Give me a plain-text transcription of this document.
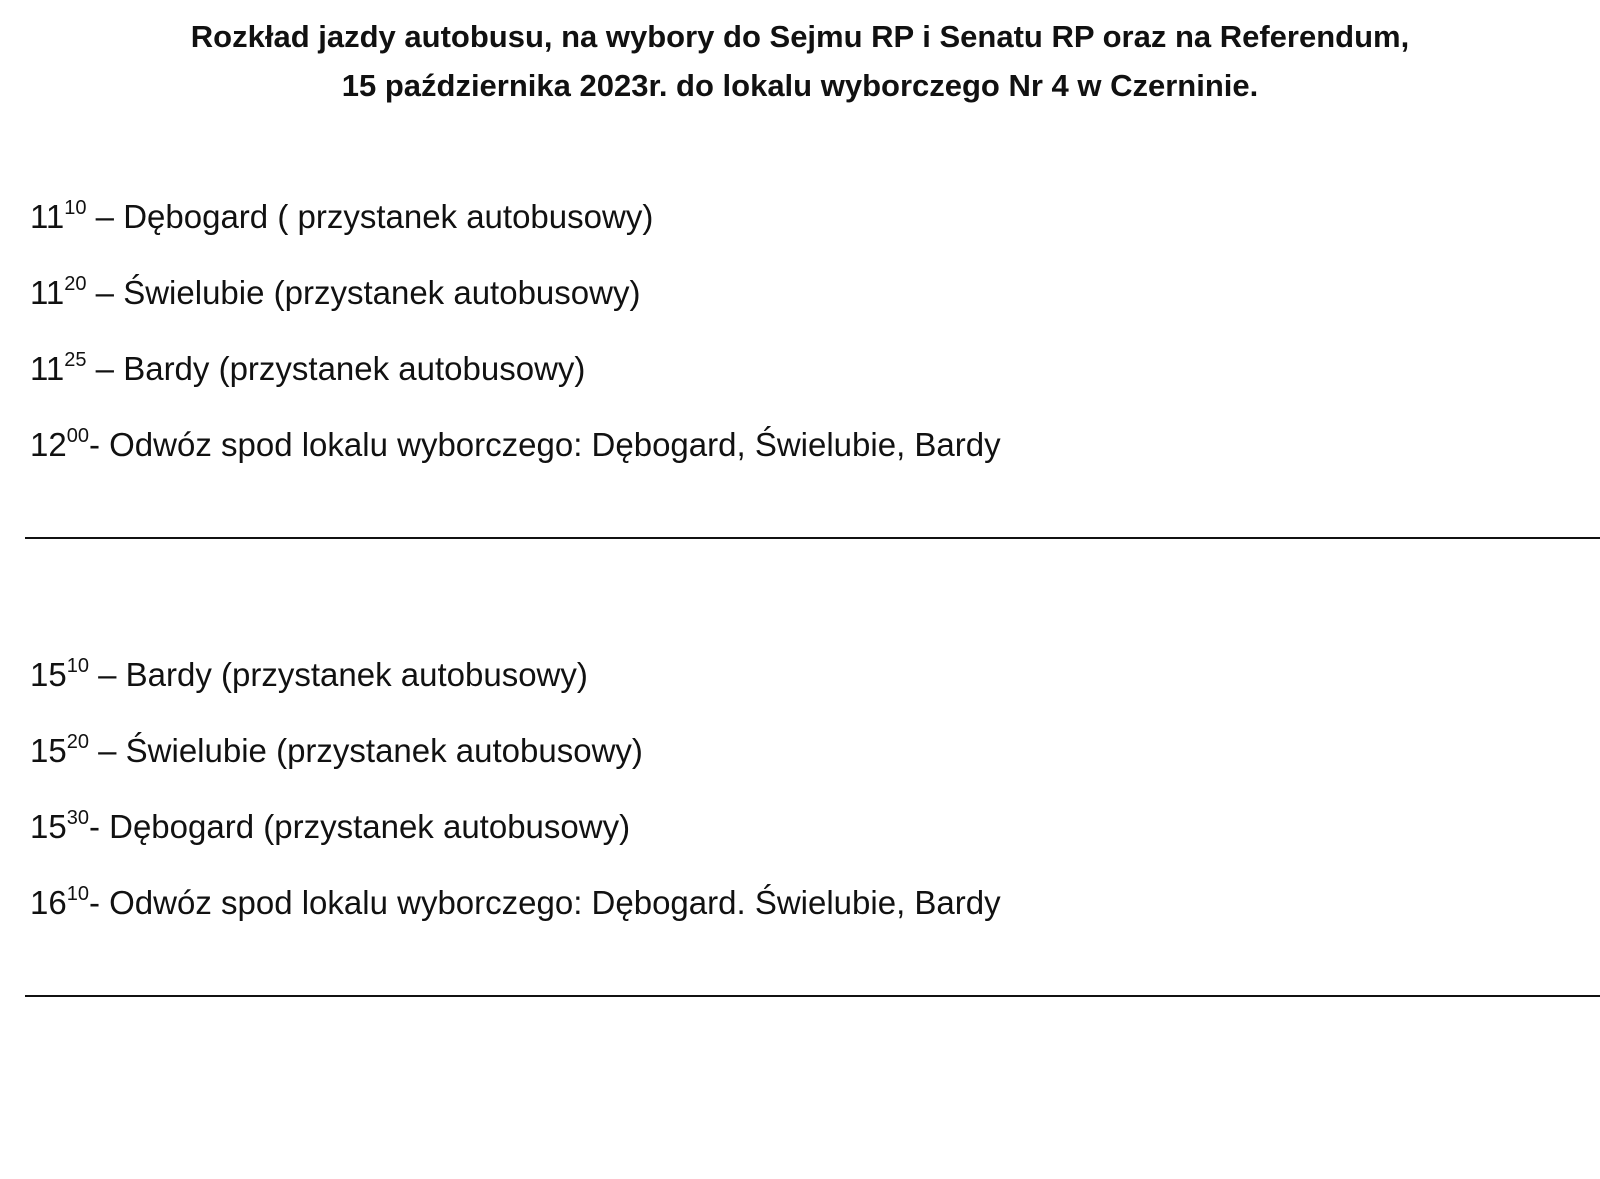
Rozkład jazdy autobusu, na wybory do Sejmu RP i Senatu RP oraz na Referendum,
15 października 2023r. do lokalu wyborczego Nr 4 w Czerninie.
$11^{10}$ – Dębogard ( przystanek autobusowy)
$11^{20}$ – Świelubie (przystanek autobusowy)
$11^{25}$ – Bardy (przystanek autobusowy)
$12^{00}-$ Odwóz spod lokalu wyborczego: Dębogard, Świelubie, Bardy
$15^{10}$ – Bardy (przystanek autobusowy)
$15^{20}$ – Świelubie (przystanek autobusowy)
$15^{30}-$ Dębogard (przystanek autobusowy)
$16^{10}-$ Odwóz spod lokalu wyborczego: Dębogard. Świelubie, Bardy
